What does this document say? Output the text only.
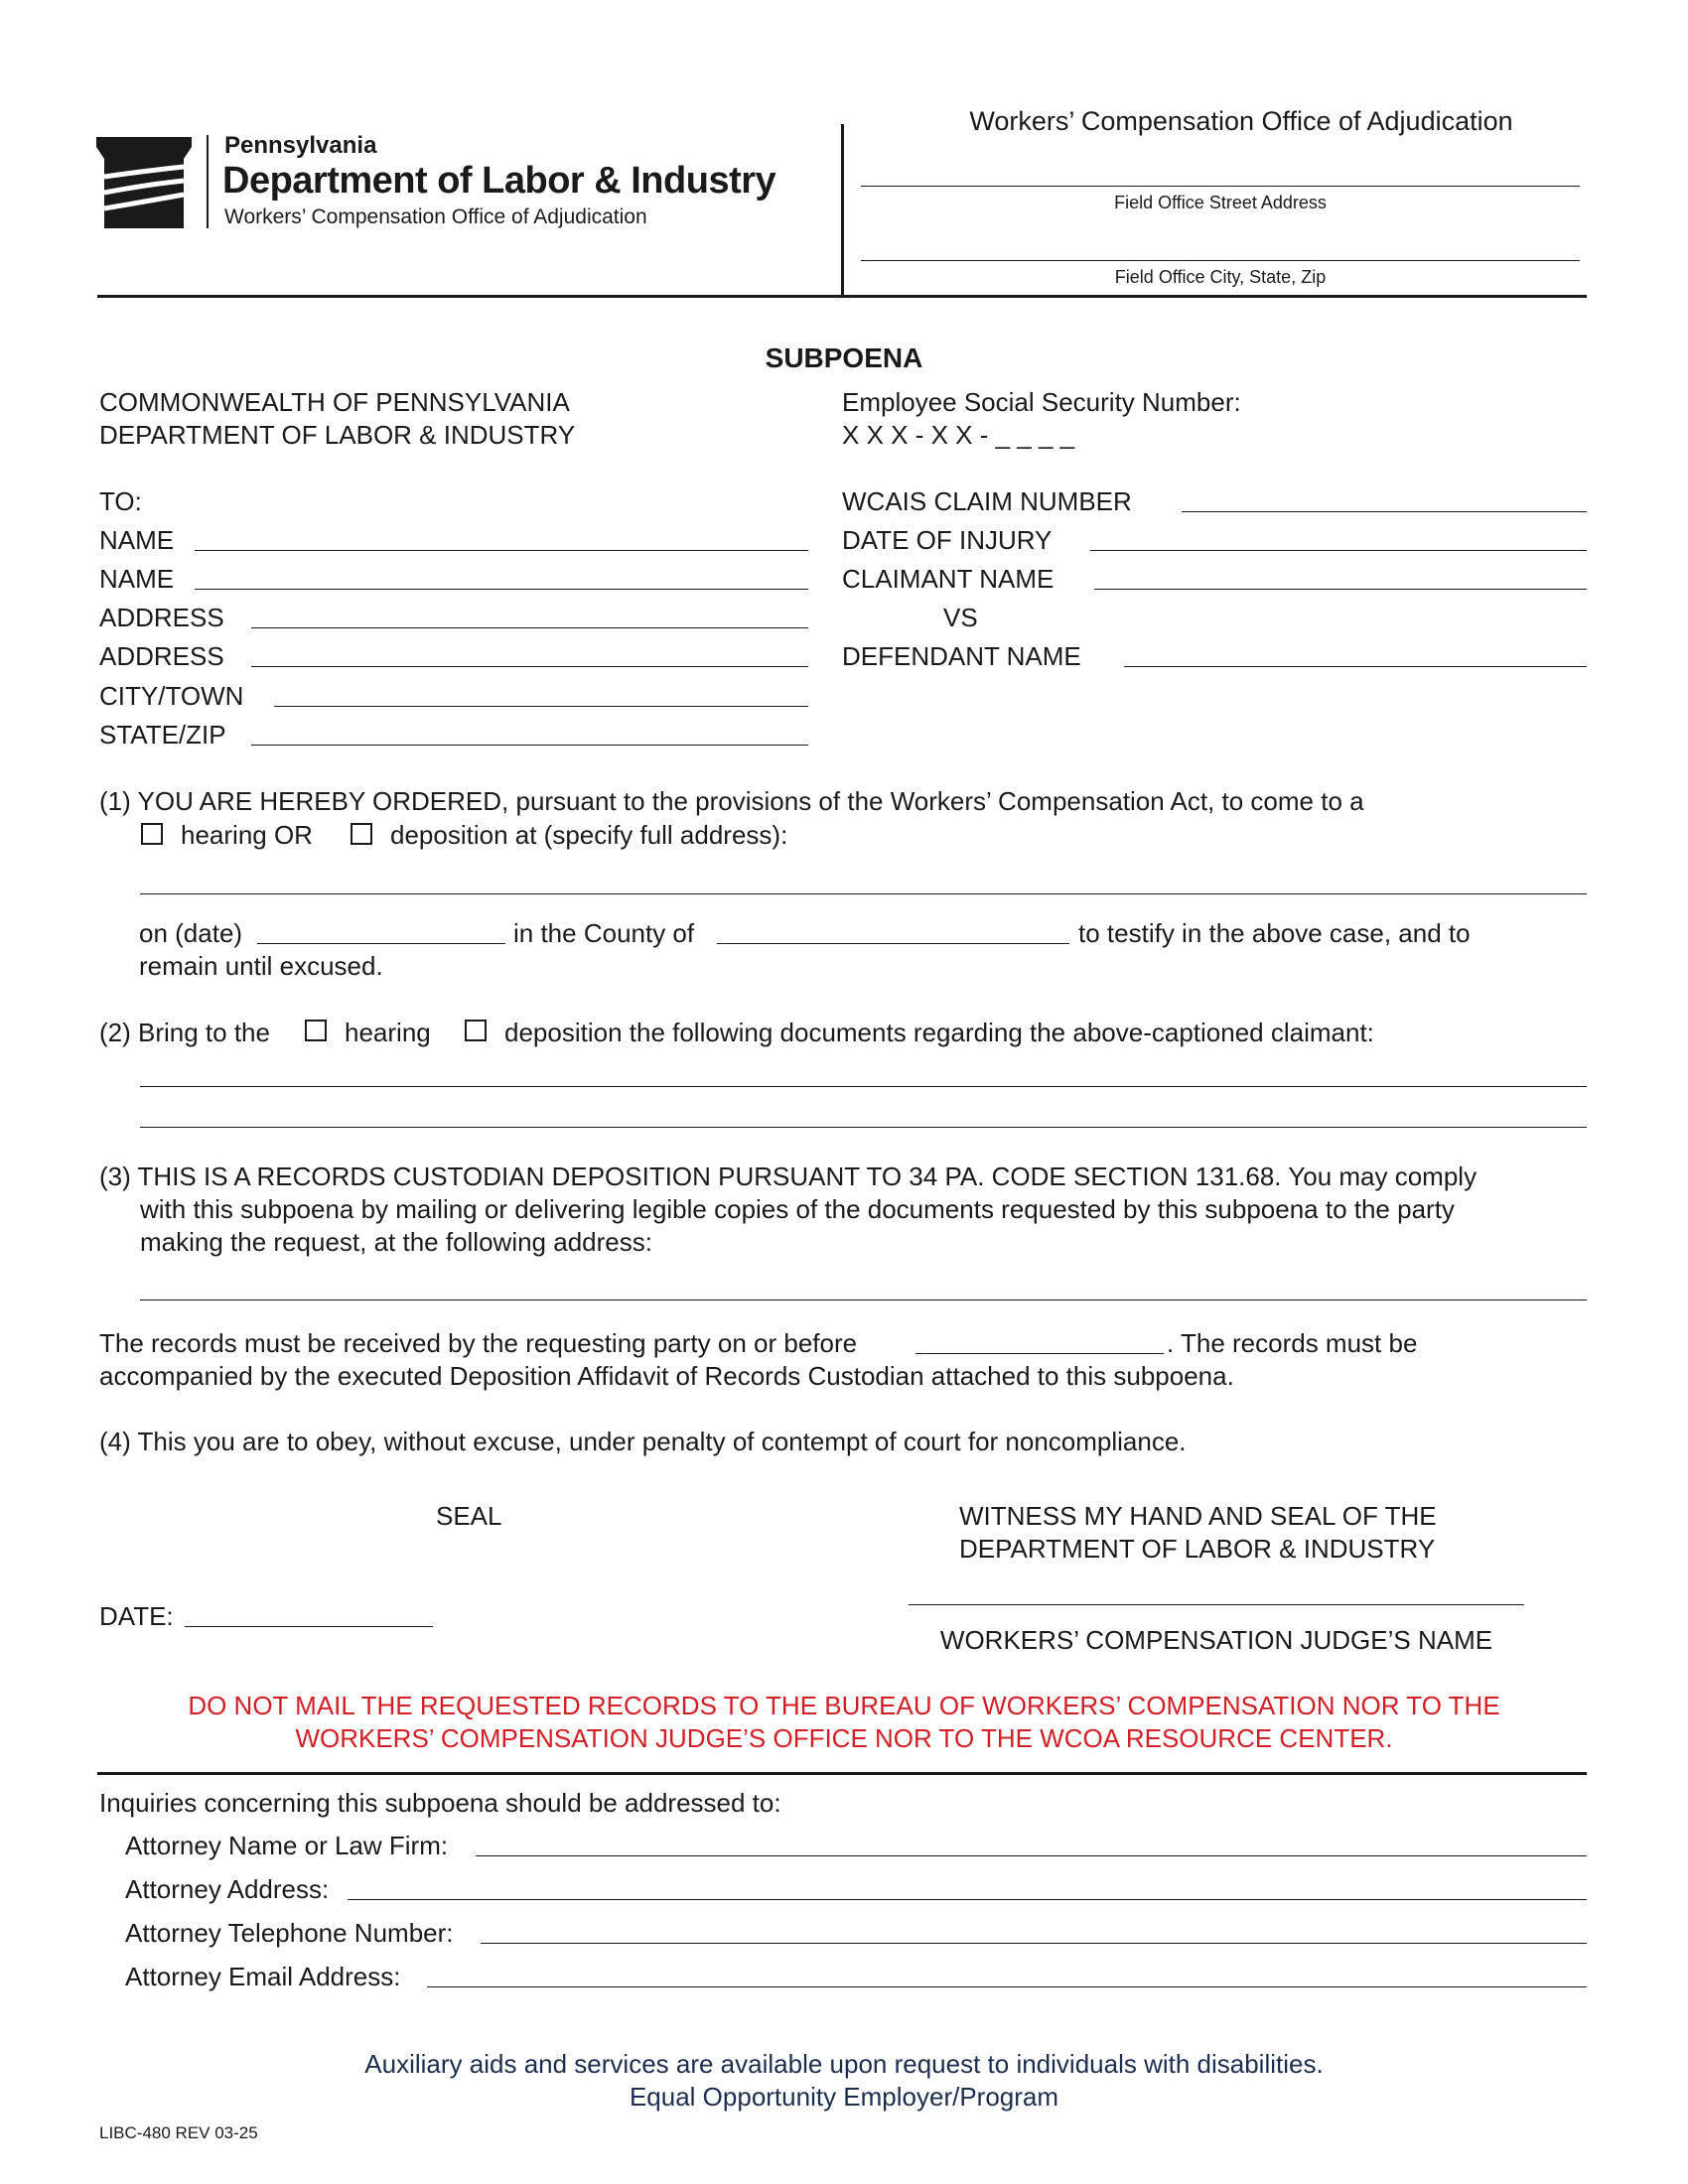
Pennsylvania
Department of Labor & Industry
Workers’ Compensation Office of Adjudication
Workers’ Compensation Office of Adjudication
Field Office Street Address
Field Office City, State, Zip
SUBPOENA
COMMONWEALTH OF PENNSYLVANIA
DEPARTMENT OF LABOR & INDUSTRY
Employee Social Security Number:
X X X - X X - _ _ _ _
TO:
NAME
NAME
ADDRESS
ADDRESS
CITY/TOWN
STATE/ZIP
WCAIS CLAIM NUMBER
DATE OF INJURY
CLAIMANT NAME
VS
DEFENDANT NAME
(1) YOU ARE HEREBY ORDERED, pursuant to the provisions of the Workers’ Compensation Act, to come to a
hearing OR	deposition at (specify full address):
on (date)	in the County of	to testify in the above case, and to
remain until excused.
(2) Bring to the	hearing	deposition the following documents regarding the above-captioned claimant:
(3) THIS IS A RECORDS CUSTODIAN DEPOSITION PURSUANT TO 34 PA. CODE SECTION 131.68. You may comply
with this subpoena by mailing or delivering legible copies of the documents requested by this subpoena to the party
making the request, at the following address:
The records must be received by the requesting party on or before	. The records must be
accompanied by the executed Deposition Affidavit of Records Custodian attached to this subpoena.
(4) This you are to obey, without excuse, under penalty of contempt of court for noncompliance.
SEAL	WITNESS MY HAND AND SEAL OF THE
DEPARTMENT OF LABOR & INDUSTRY
DATE:
WORKERS’ COMPENSATION JUDGE’S NAME
DO NOT MAIL THE REQUESTED RECORDS TO THE BUREAU OF WORKERS’ COMPENSATION NOR TO THE
WORKERS’ COMPENSATION JUDGE’S OFFICE NOR TO THE WCOA RESOURCE CENTER.
Inquiries concerning this subpoena should be addressed to:
Attorney Name or Law Firm:
Attorney Address:
Attorney Telephone Number:
Attorney Email Address:
Auxiliary aids and services are available upon request to individuals with disabilities.
Equal Opportunity Employer/Program
LIBC-480 REV 03-25
